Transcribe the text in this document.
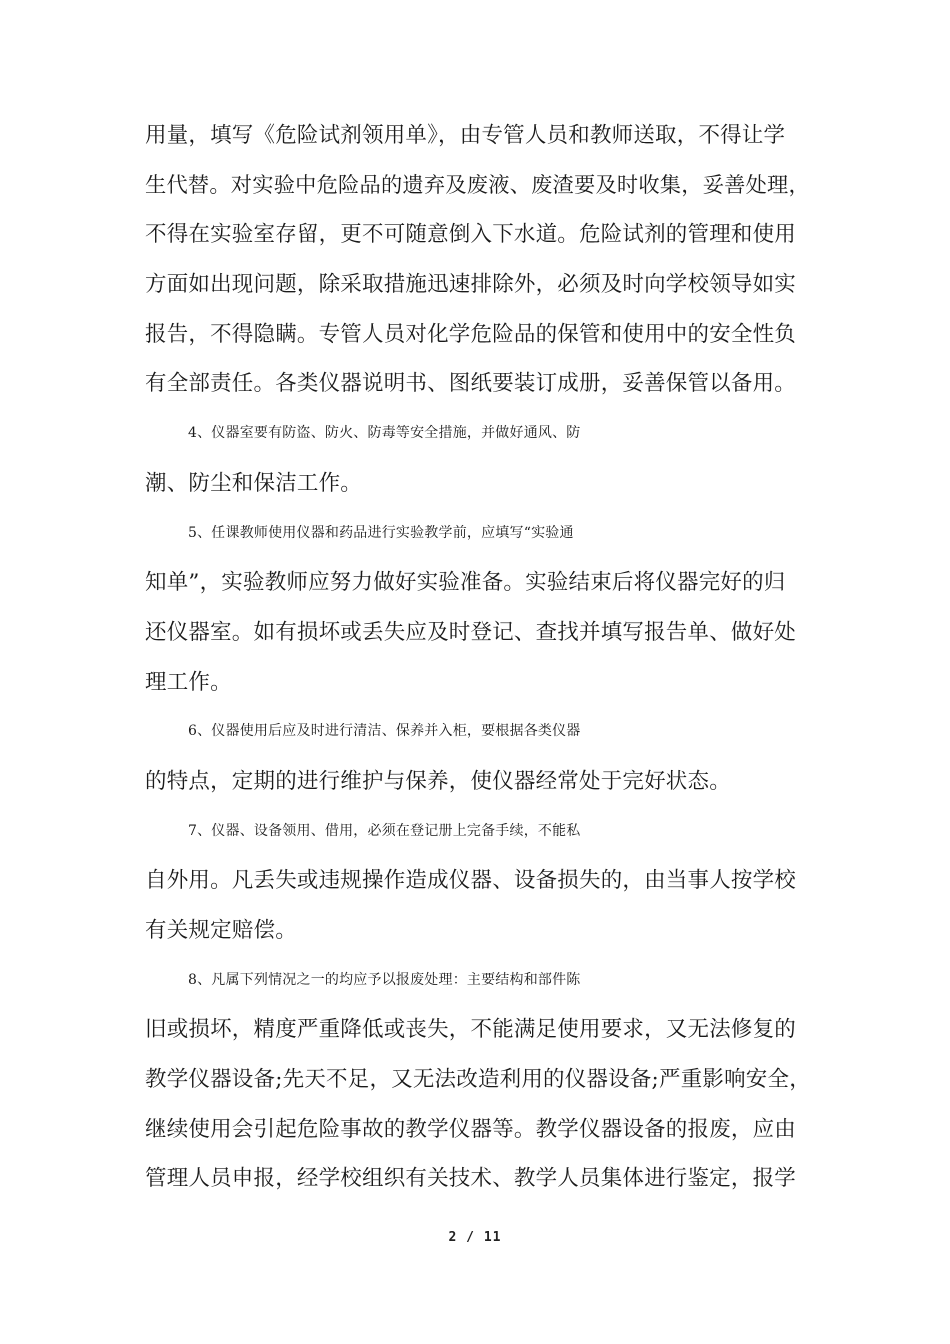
用量，填写《危险试剂领用单》，由专管人员和教师送取，不得让学
生代替。对实验中危险品的遗弃及废液、废渣要及时收集，妥善处理，
不得在实验室存留，更不可随意倒入下水道。危险试剂的管理和使用
方面如出现问题，除采取措施迅速排除外，必须及时向学校领导如实
报告，不得隐瞒。专管人员对化学危险品的保管和使用中的安全性负
有全部责任。各类仪器说明书、图纸要装订成册，妥善保管以备用。
4、仪器室要有防盗、防火、防毒等安全措施，并做好通风、防
潮、防尘和保洁工作。
5、任课教师使用仪器和药品进行实验教学前，应填写“实验通
知单”，实验教师应努力做好实验准备。实验结束后将仪器完好的归
还仪器室。如有损坏或丢失应及时登记、查找并填写报告单、做好处
理工作。
6、仪器使用后应及时进行清洁、保养并入柜，要根据各类仪器
的特点，定期的进行维护与保养，使仪器经常处于完好状态。
7、仪器、设备领用、借用，必须在登记册上完备手续，不能私
自外用。凡丢失或违规操作造成仪器、设备损失的，由当事人按学校
有关规定赔偿。
8、凡属下列情况之一的均应予以报废处理：主要结构和部件陈
旧或损坏，精度严重降低或丧失，不能满足使用要求，又无法修复的
教学仪器设备;先天不足，又无法改造利用的仪器设备;严重影响安全，
继续使用会引起危险事故的教学仪器等。教学仪器设备的报废，应由
管理人员申报，经学校组织有关技术、教学人员集体进行鉴定，报学
2 / 11
